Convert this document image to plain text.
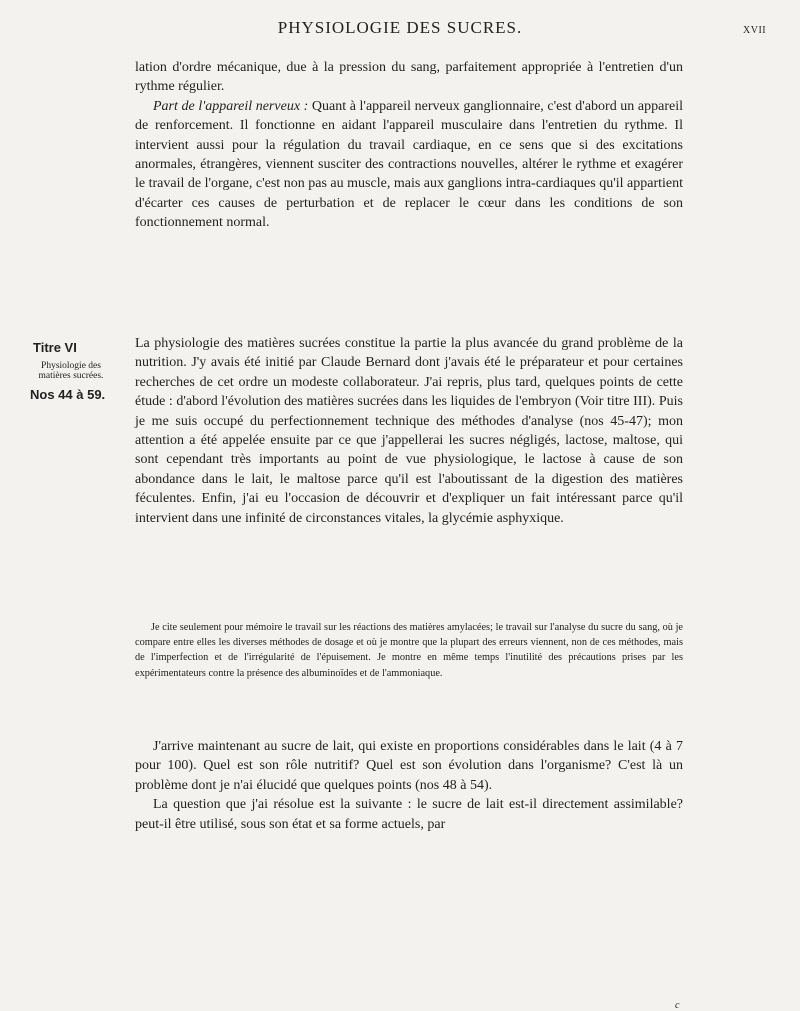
PHYSIOLOGIE DES SUCRES.	XVII

lation d'ordre mécanique, due à la pression du sang, parfaitement appropriée à l'entretien d'un rythme régulier.

Part de l'appareil nerveux : Quant à l'appareil nerveux ganglionnaire, c'est d'abord un appareil de renforcement. Il fonctionne en aidant l'appareil musculaire dans l'entretien du rythme. Il intervient aussi pour la régulation du travail cardiaque, en ce sens que si des excitations anormales, étrangères, viennent susciter des contractions nouvelles, altérer le rythme et exagérer le travail de l'organe, c'est non pas au muscle, mais aux ganglions intra-cardiaques qu'il appartient d'écarter ces causes de perturbation et de replacer le cœur dans les conditions de son fonctionnement normal.

Titre VI
Physiologie des
matières sucrées.
Nos 44 à 59.

La physiologie des matières sucrées constitue la partie la plus avancée du grand problème de la nutrition. J'y avais été initié par Claude Bernard dont j'avais été le préparateur et pour certaines recherches de cet ordre un modeste collaborateur. J'ai repris, plus tard, quelques points de cette étude : d'abord l'évolution des matières sucrées dans les liquides de l'embryon (Voir titre III). Puis je me suis occupé du perfectionnement technique des méthodes d'analyse (nos 45-47); mon attention a été appelée ensuite par ce que j'appellerai les sucres négligés, lactose, maltose, qui sont cependant très importants au point de vue physiologique, le lactose à cause de son abondance dans le lait, le maltose parce qu'il est l'aboutissant de la digestion des matières féculentes. Enfin, j'ai eu l'occasion de découvrir et d'expliquer un fait intéressant parce qu'il intervient dans une infinité de circonstances vitales, la glycémie asphyxique.

Je cite seulement pour mémoire le travail sur les réactions des matières amylacées; le travail sur l'analyse du sucre du sang, où je compare entre elles les diverses méthodes de dosage et où je montre que la plupart des erreurs viennent, non de ces méthodes, mais de l'imperfection et de l'irrégularité de l'épuisement. Je montre en même temps l'inutilité des précautions prises par les expérimentateurs contre la présence des albuminoïdes et de l'ammoniaque.

J'arrive maintenant au sucre de lait, qui existe en proportions considérables dans le lait (4 à 7 pour 100). Quel est son rôle nutritif? Quel est son évolution dans l'organisme? C'est là un problème dont je n'ai élucidé que quelques points (nos 48 à 54).

La question que j'ai résolue est la suivante : le sucre de lait est-il directement assimilable? peut-il être utilisé, sous son état et sa forme actuels, par

c
